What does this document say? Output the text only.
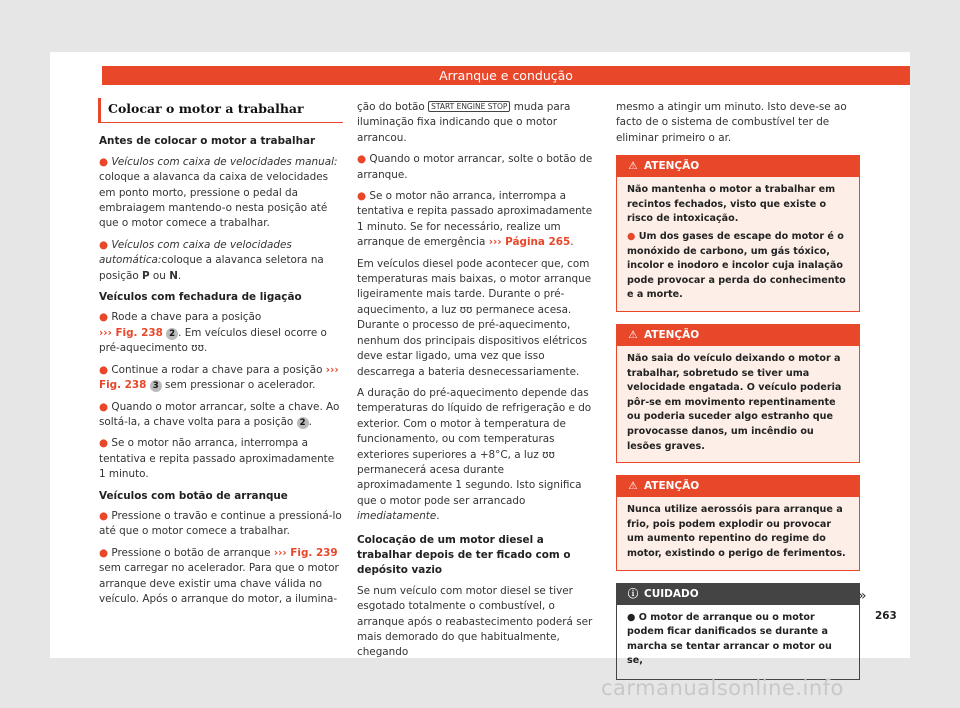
Arranque e condução
Colocar o motor a trabalhar
Antes de colocar o motor a trabalhar

● Veículos com caixa de velocidades manual: coloque a alavanca da caixa de velocidades em ponto morto, pressione o pedal da embraiagem mantendo-o nesta posição até que o motor comece a trabalhar.

● Veículos com caixa de velocidades automática:coloque a alavanca seletora na posição P ou N.

Veículos com fechadura de ligação

● Rode a chave para a posição
››› Fig. 238 2 . Em veículos diesel ocorre o pré-aquecimento ʊʊ.

● Continue a rodar a chave para a posição ››› Fig. 238 3 sem pressionar o acelerador.

● Quando o motor arrancar, solte a chave. Ao soltá-la, a chave volta para a posição 2 .

● Se o motor não arranca, interrompa a tentativa e repita passado aproximadamente 1 minuto.

Veículos com botão de arranque

● Pressione o travão e continue a pressioná-lo até que o motor comece a trabalhar.

● Pressione o botão de arranque ››› Fig. 239 sem carregar no acelerador. Para que o motor arranque deve existir uma chave válida no veículo. Após o arranque do motor, a ilumina-

ção do botão START ENGINE STOP muda para iluminação fixa indicando que o motor arrancou.

● Quando o motor arrancar, solte o botão de arranque.

● Se o motor não arranca, interrompa a tentativa e repita passado aproximadamente 1 minuto. Se for necessário, realize um arranque de emergência ››› Página 265.

Em veículos diesel pode acontecer que, com temperaturas mais baixas, o motor arranque ligeiramente mais tarde. Durante o pré-aquecimento, a luz ʊʊ permanece acesa. Durante o processo de pré-aquecimento, nenhum dos principais dispositivos elétricos deve estar ligado, uma vez que isso descarrega a bateria desnecessariamente.

A duração do pré-aquecimento depende das temperaturas do líquido de refrigeração e do exterior. Com o motor à temperatura de funcionamento, ou com temperaturas exteriores superiores a +8°C, a luz ʊʊ permanecerá acesa durante aproximadamente 1 segundo. Isto significa que o motor pode ser arrancado imediatamente.

Colocação de um motor diesel a trabalhar depois de ter ficado com o depósito vazio

Se num veículo com motor diesel se tiver esgotado totalmente o combustível, o arranque após o reabastecimento poderá ser mais demorado do que habitualmente, chegando

mesmo a atingir um minuto. Isto deve-se ao facto de o sistema de combustível ter de eliminar primeiro o ar.

⚠ ATENÇÃO

Não mantenha o motor a trabalhar em recintos fechados, visto que existe o risco de intoxicação.

● Um dos gases de escape do motor é o monóxido de carbono, um gás tóxico, incolor e inodoro e incolor cuja inalação pode provocar a perda do conhecimento e a morte.

⚠ ATENÇÃO

Não saia do veículo deixando o motor a trabalhar, sobretudo se tiver uma velocidade engatada. O veículo poderia pôr-se em movimento repentinamente ou poderia suceder algo estranho que provocasse danos, um incêndio ou lesões graves.

⚠ ATENÇÃO

Nunca utilize aerossóis para arranque a frio, pois podem explodir ou provocar um aumento repentino do regime do motor, existindo o perigo de ferimentos.

ⓘ CUIDADO

● O motor de arranque ou o motor podem ficar danificados se durante a marcha se tentar arrancar o motor ou se,

»
263
carmanualsonline.info
